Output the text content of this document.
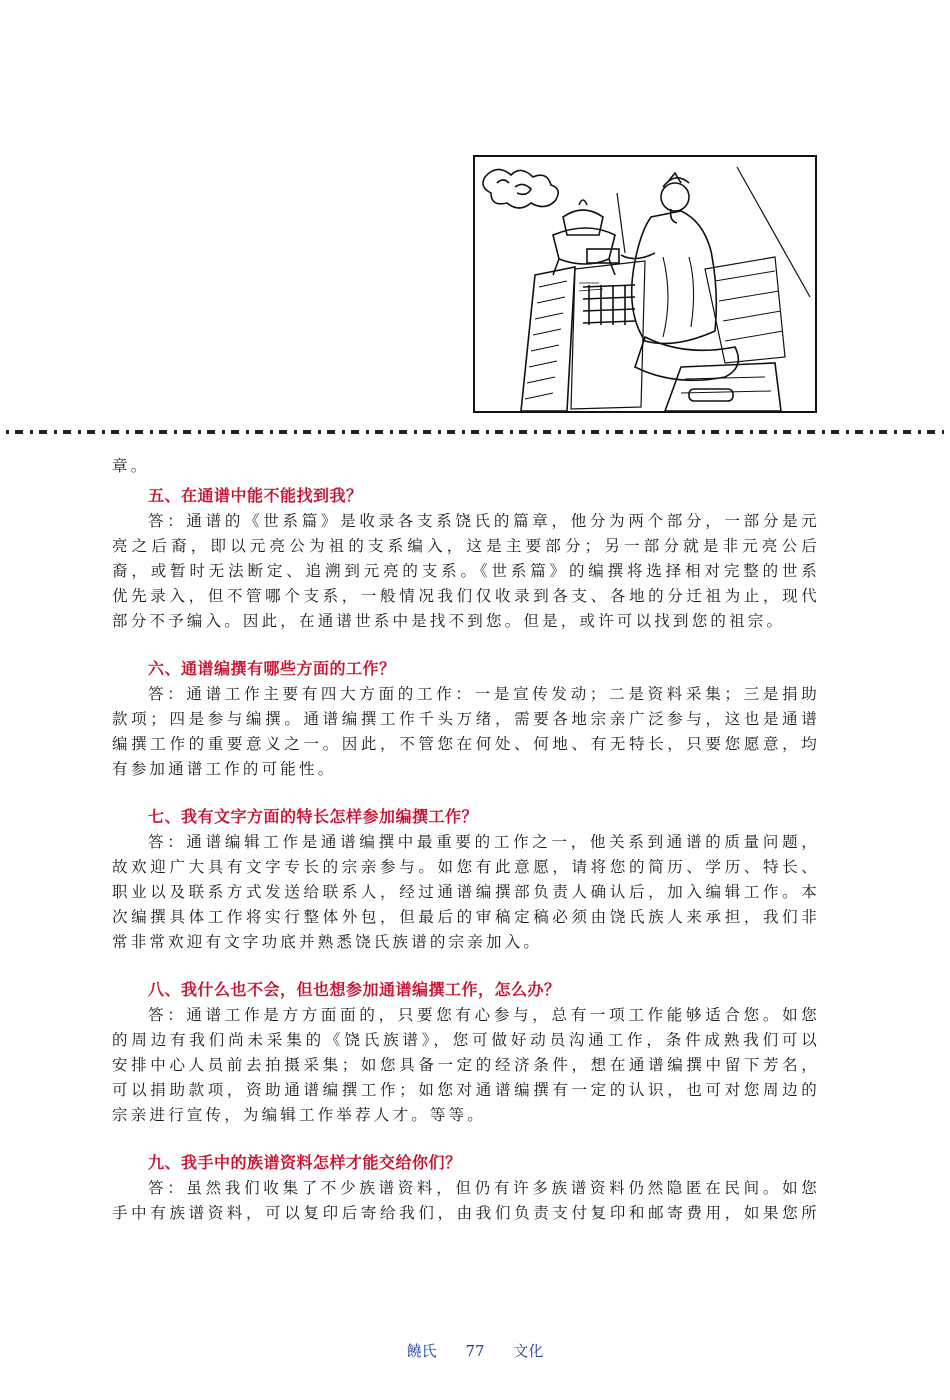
章。
五、在通谱中能不能找到我？
答：通谱的《世系篇》是收录各支系饶氏的篇章，他分为两个部分，一部分是元
亮之后裔，即以元亮公为祖的支系编入，这是主要部分；另一部分就是非元亮公后
裔，或暂时无法断定、追溯到元亮的支系。《世系篇》的编撰将选择相对完整的世系
优先录入，但不管哪个支系，一般情况我们仅收录到各支、各地的分迁祖为止，现代
部分不予编入。因此，在通谱世系中是找不到您。但是，或许可以找到您的祖宗。
六、通谱编撰有哪些方面的工作？
答：通谱工作主要有四大方面的工作：一是宣传发动；二是资料采集；三是捐助
款项；四是参与编撰。通谱编撰工作千头万绪，需要各地宗亲广泛参与，这也是通谱
编撰工作的重要意义之一。因此，不管您在何处、何地、有无特长，只要您愿意，均
有参加通谱工作的可能性。
七、我有文字方面的特长怎样参加编撰工作？
答：通谱编辑工作是通谱编撰中最重要的工作之一，他关系到通谱的质量问题，
故欢迎广大具有文字专长的宗亲参与。如您有此意愿，请将您的简历、学历、特长、
职业以及联系方式发送给联系人，经过通谱编撰部负责人确认后，加入编辑工作。本
次编撰具体工作将实行整体外包，但最后的审稿定稿必须由饶氏族人来承担，我们非
常非常欢迎有文字功底并熟悉饶氏族谱的宗亲加入。
八、我什么也不会，但也想参加通谱编撰工作，怎么办？
答：通谱工作是方方面面的，只要您有心参与，总有一项工作能够适合您。如您
的周边有我们尚未采集的《饶氏族谱》，您可做好动员沟通工作，条件成熟我们可以
安排中心人员前去拍摄采集；如您具备一定的经济条件，想在通谱编撰中留下芳名，
可以捐助款项，资助通谱编撰工作；如您对通谱编撰有一定的认识，也可对您周边的
宗亲进行宣传，为编辑工作举荐人才。等等。
九、我手中的族谱资料怎样才能交给你们？
答：虽然我们收集了不少族谱资料，但仍有许多族谱资料仍然隐匿在民间。如您
手中有族谱资料，可以复印后寄给我们，由我们负责支付复印和邮寄费用，如果您所
饒氏 77 文化
